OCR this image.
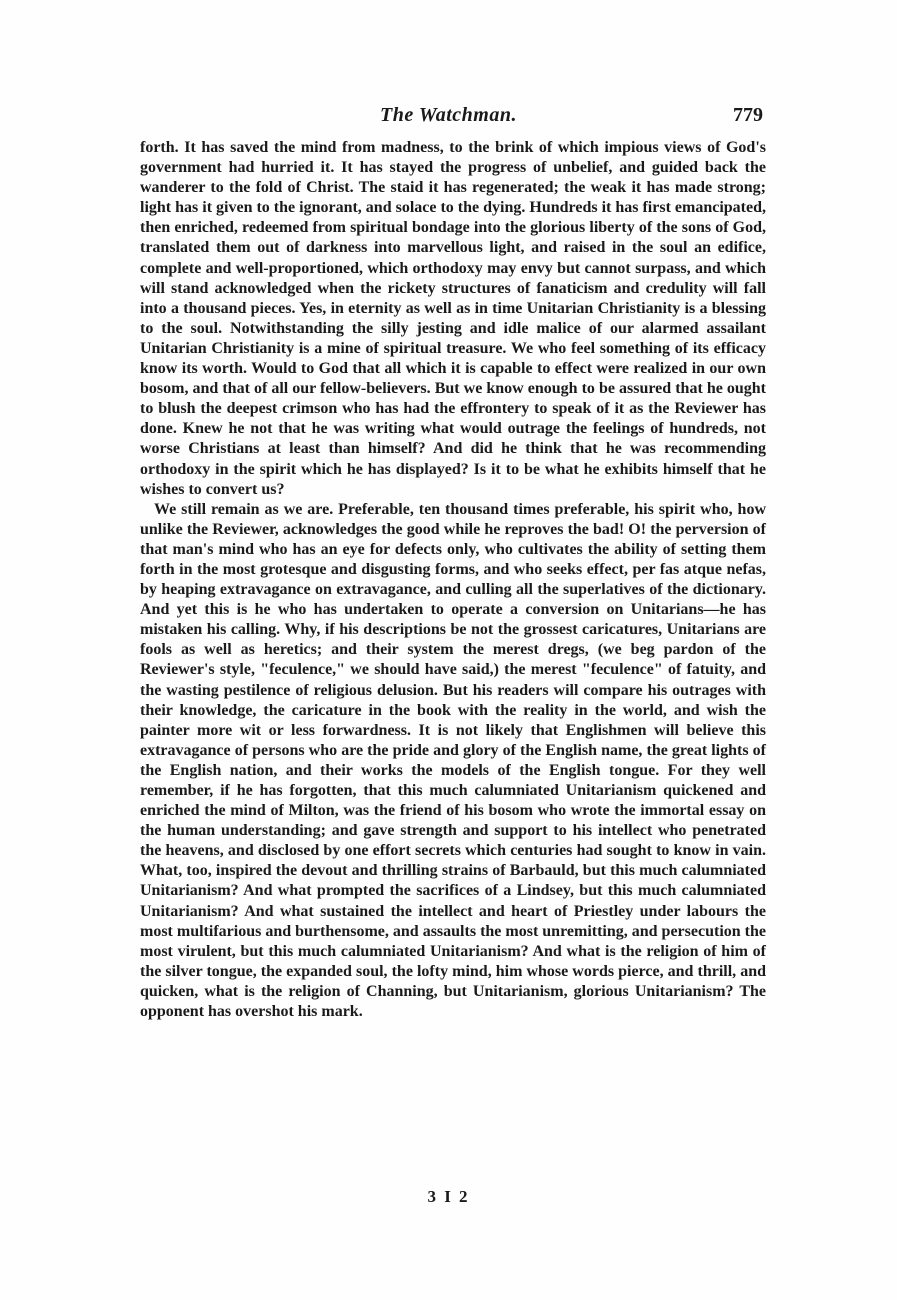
The Watchman.	779

forth. It has saved the mind from madness, to the brink of which impious views of God's government had hurried it. It has stayed the progress of unbelief, and guided back the wanderer to the fold of Christ. The staid it has regenerated; the weak it has made strong; light has it given to the ignorant, and solace to the dying. Hundreds it has first emancipated, then enriched, redeemed from spiritual bondage into the glorious liberty of the sons of God, translated them out of darkness into marvellous light, and raised in the soul an edifice, complete and well-proportioned, which orthodoxy may envy but cannot surpass, and which will stand acknowledged when the rickety structures of fanaticism and credulity will fall into a thousand pieces. Yes, in eternity as well as in time Unitarian Christianity is a blessing to the soul. Notwithstanding the silly jesting and idle malice of our alarmed assailant Unitarian Christianity is a mine of spiritual treasure. We who feel something of its efficacy know its worth. Would to God that all which it is capable to effect were realized in our own bosom, and that of all our fellow-believers. But we know enough to be assured that he ought to blush the deepest crimson who has had the effrontery to speak of it as the Reviewer has done. Knew he not that he was writing what would outrage the feelings of hundreds, not worse Christians at least than himself? And did he think that he was recommending orthodoxy in the spirit which he has displayed? Is it to be what he exhibits himself that he wishes to convert us?

We still remain as we are. Preferable, ten thousand times preferable, his spirit who, how unlike the Reviewer, acknowledges the good while he reproves the bad! O! the perversion of that man's mind who has an eye for defects only, who cultivates the ability of setting them forth in the most grotesque and disgusting forms, and who seeks effect, per fas atque nefas, by heaping extravagance on extravagance, and culling all the superlatives of the dictionary. And yet this is he who has undertaken to operate a conversion on Unitarians—he has mistaken his calling. Why, if his descriptions be not the grossest caricatures, Unitarians are fools as well as heretics; and their system the merest dregs, (we beg pardon of the Reviewer's style, "feculence," we should have said,) the merest "feculence" of fatuity, and the wasting pestilence of religious delusion. But his readers will compare his outrages with their knowledge, the caricature in the book with the reality in the world, and wish the painter more wit or less forwardness. It is not likely that Englishmen will believe this extravagance of persons who are the pride and glory of the English name, the great lights of the English nation, and their works the models of the English tongue. For they well remember, if he has forgotten, that this much calumniated Unitarianism quickened and enriched the mind of Milton, was the friend of his bosom who wrote the immortal essay on the human understanding; and gave strength and support to his intellect who penetrated the heavens, and disclosed by one effort secrets which centuries had sought to know in vain. What, too, inspired the devout and thrilling strains of Barbauld, but this much calumniated Unitarianism? And what prompted the sacrifices of a Lindsey, but this much calumniated Unitarianism? And what sustained the intellect and heart of Priestley under labours the most multifarious and burthensome, and assaults the most unremitting, and persecution the most virulent, but this much calumniated Unitarianism? And what is the religion of him of the silver tongue, the expanded soul, the lofty mind, him whose words pierce, and thrill, and quicken, what is the religion of Channing, but Unitarianism, glorious Unitarianism? The opponent has overshot his mark.

3 I 2
